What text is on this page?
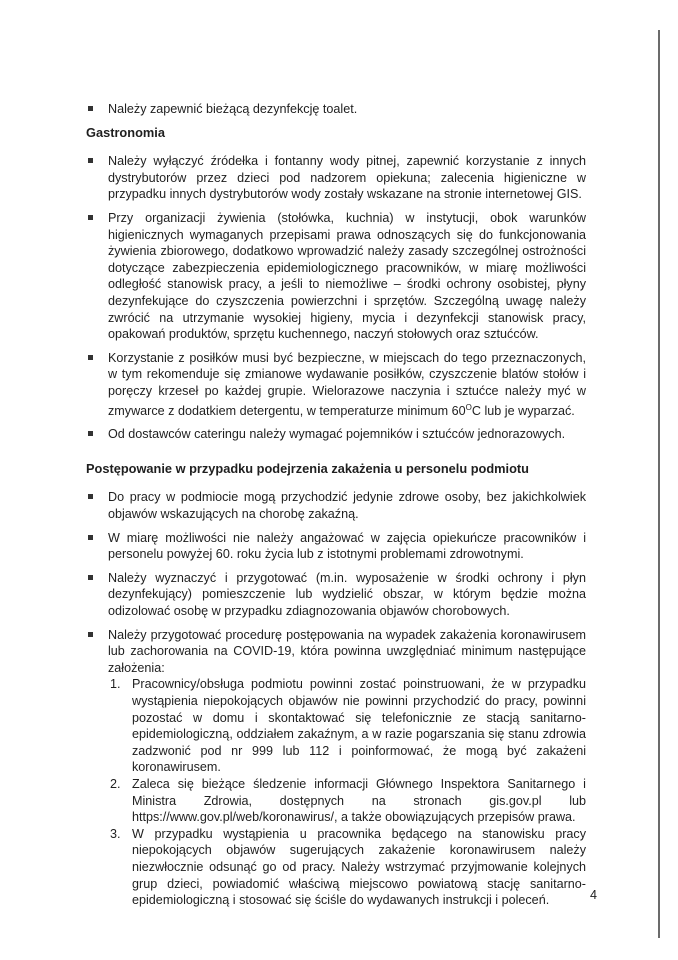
Należy zapewnić bieżącą dezynfekcję toalet.
Gastronomia
Należy wyłączyć źródełka i fontanny wody pitnej, zapewnić korzystanie z innych dystrybutorów przez dzieci pod nadzorem opiekuna; zalecenia higieniczne w przypadku innych dystrybutorów wody zostały wskazane na stronie internetowej GIS.
Przy organizacji żywienia (stołówka, kuchnia) w instytucji, obok warunków higienicznych wymaganych przepisami prawa odnoszących się do funkcjonowania żywienia zbiorowego, dodatkowo wprowadzić należy zasady szczególnej ostrożności dotyczące zabezpieczenia epidemiologicznego pracowników, w miarę możliwości odległość stanowisk pracy, a jeśli to niemożliwe – środki ochrony osobistej, płyny dezynfekujące do czyszczenia powierzchni i sprzętów. Szczególną uwagę należy zwrócić na utrzymanie wysokiej higieny, mycia i dezynfekcji stanowisk pracy, opakowań produktów, sprzętu kuchennego, naczyń stołowych oraz sztućców.
Korzystanie z posiłków musi być bezpieczne, w miejscach do tego przeznaczonych, w tym rekomenduje się zmianowe wydawanie posiłków, czyszczenie blatów stołów i poręczy krzeseł po każdej grupie. Wielorazowe naczynia i sztućce należy myć w zmywarce z dodatkiem detergentu, w temperaturze minimum $60^OC$ lub je wyparzać.
Od dostawców cateringu należy wymagać pojemników i sztućców jednorazowych.
Postępowanie w przypadku podejrzenia zakażenia u personelu podmiotu
Do pracy w podmiocie mogą przychodzić jedynie zdrowe osoby, bez jakichkolwiek objawów wskazujących na chorobę zakaźną.
W miarę możliwości nie należy angażować w zajęcia opiekuńcze pracowników i personelu powyżej 60. roku życia lub z istotnymi problemami zdrowotnymi.
Należy wyznaczyć i przygotować (m.in. wyposażenie w środki ochrony i płyn dezynfekujący) pomieszczenie lub wydzielić obszar, w którym będzie można odizolować osobę w przypadku zdiagnozowania objawów chorobowych.
Należy przygotować procedurę postępowania na wypadek zakażenia koronawirusem lub zachorowania na COVID-19, która powinna uwzględniać minimum następujące założenia:
1. Pracownicy/obsługa podmiotu powinni zostać poinstruowani, że w przypadku wystąpienia niepokojących objawów nie powinni przychodzić do pracy, powinni pozostać w domu i skontaktować się telefonicznie ze stacją sanitarno-epidemiologiczną, oddziałem zakaźnym, a w razie pogarszania się stanu zdrowia zadzwonić pod nr 999 lub 112 i poinformować, że mogą być zakażeni koronawirusem.
2. Zaleca się bieżące śledzenie informacji Głównego Inspektora Sanitarnego i Ministra Zdrowia, dostępnych na stronach gis.gov.pl lub https://www.gov.pl/web/koronawirus/, a także obowiązujących przepisów prawa.
3. W przypadku wystąpienia u pracownika będącego na stanowisku pracy niepokojących objawów sugerujących zakażenie koronawirusem należy niezwłocznie odsunąć go od pracy. Należy wstrzymać przyjmowanie kolejnych grup dzieci, powiadomić właściwą miejscowo powiatową stację sanitarno-epidemiologiczną i stosować się ściśle do wydawanych instrukcji i poleceń.	4
